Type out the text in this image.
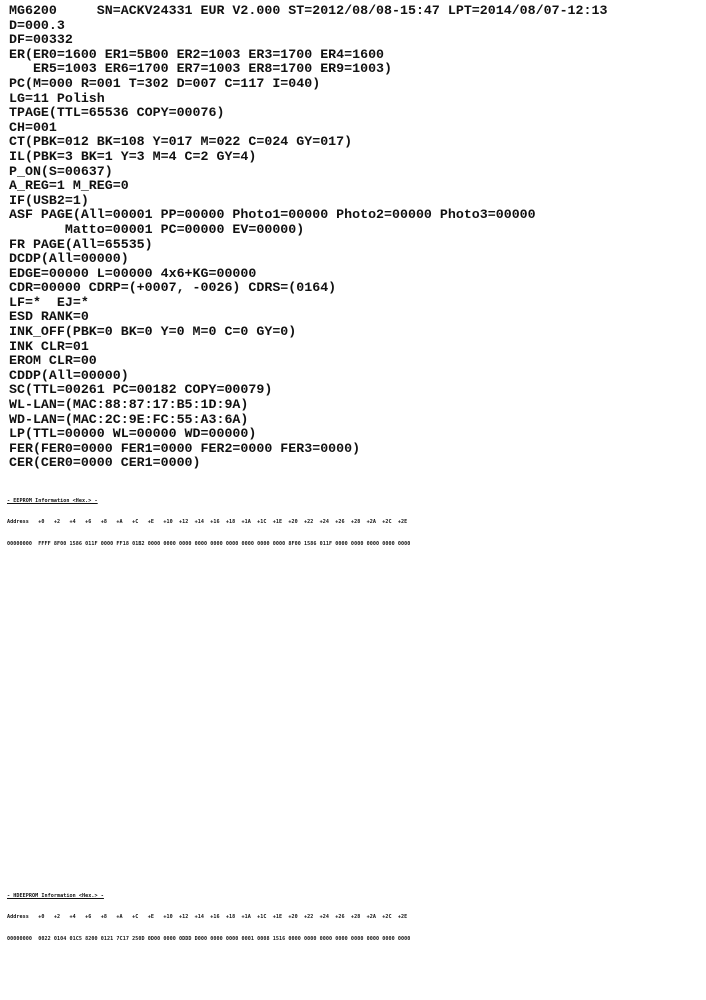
MG6200     SN=ACKV24331 EUR V2.000 ST=2012/08/08-15:47 LPT=2014/08/07-12:13
D=000.3
DF=00332
ER(ER0=1600 ER1=5B00 ER2=1003 ER3=1700 ER4=1600
ER5=1003 ER6=1700 ER7=1003 ER8=1700 ER9=1003)
PC(M=000 R=001 T=302 D=007 C=117 I=040)
LG=11 Polish
TPAGE(TTL=65536 COPY=00076)
CH=001
CT(PBK=012 BK=108 Y=017 M=022 C=024 GY=017)
IL(PBK=3 BK=1 Y=3 M=4 C=2 GY=4)
P_ON(S=00637)
A_REG=1 M_REG=0
IF(USB2=1)
ASF PAGE(All=00001 PP=00000 Photo1=00000 Photo2=00000 Photo3=00000
Matto=00001 PC=00000 EV=00000)
FR PAGE(All=65535)
DCDP(All=00000)
EDGE=00000 L=00000 4x6+KG=00000
CDR=00000 CDRP=(+0007, -0026) CDRS=(0164)
LF=*  EJ=*
ESD RANK=0
INK_OFF(PBK=0 BK=0 Y=0 M=0 C=0 GY=0)
INK CLR=01
EROM CLR=00
CDDP(All=00000)
SC(TTL=00261 PC=00182 COPY=00079)
WL-LAN=(MAC:88:87:17:B5:1D:9A)
WD-LAN=(MAC:2C:9E:FC:55:A3:6A)
LP(TTL=00000 WL=00000 WD=00000)
FER(FER0=0000 FER1=0000 FER2=0000 FER3=0000)
CER(CER0=0000 CER1=0000)

- EEPROM Information <Hex.> -

Address   +0   +2   +4   +6   +8   +A   +C   +E   +10  +12  +14  +16  +18  +1A  +1C  +1E  +20  +22  +24  +26  +28  +2A  +2C  +2E

00000000  FFFF 8F00 1586 011F 0000 FF18 01B2 0000 0000 0000 0000 0000 0000 0000 0000 0000 8F00 1586 011F 0000 0000 0000 0000 0000

- HDEEPROM Information <Hex.> -

Address   +0   +2   +4   +6   +8   +A   +C   +E   +10  +12  +14  +16  +18  +1A  +1C  +1E  +20  +22  +24  +26  +28  +2A  +2C  +2E

00000000  0022 0104 01C5 8200 0121 7C17 250D 0D00 0000 0DDD D000 0000 0000 0001 0008 1516 0000 0000 0000 0000 0000 0000 0000 0000
